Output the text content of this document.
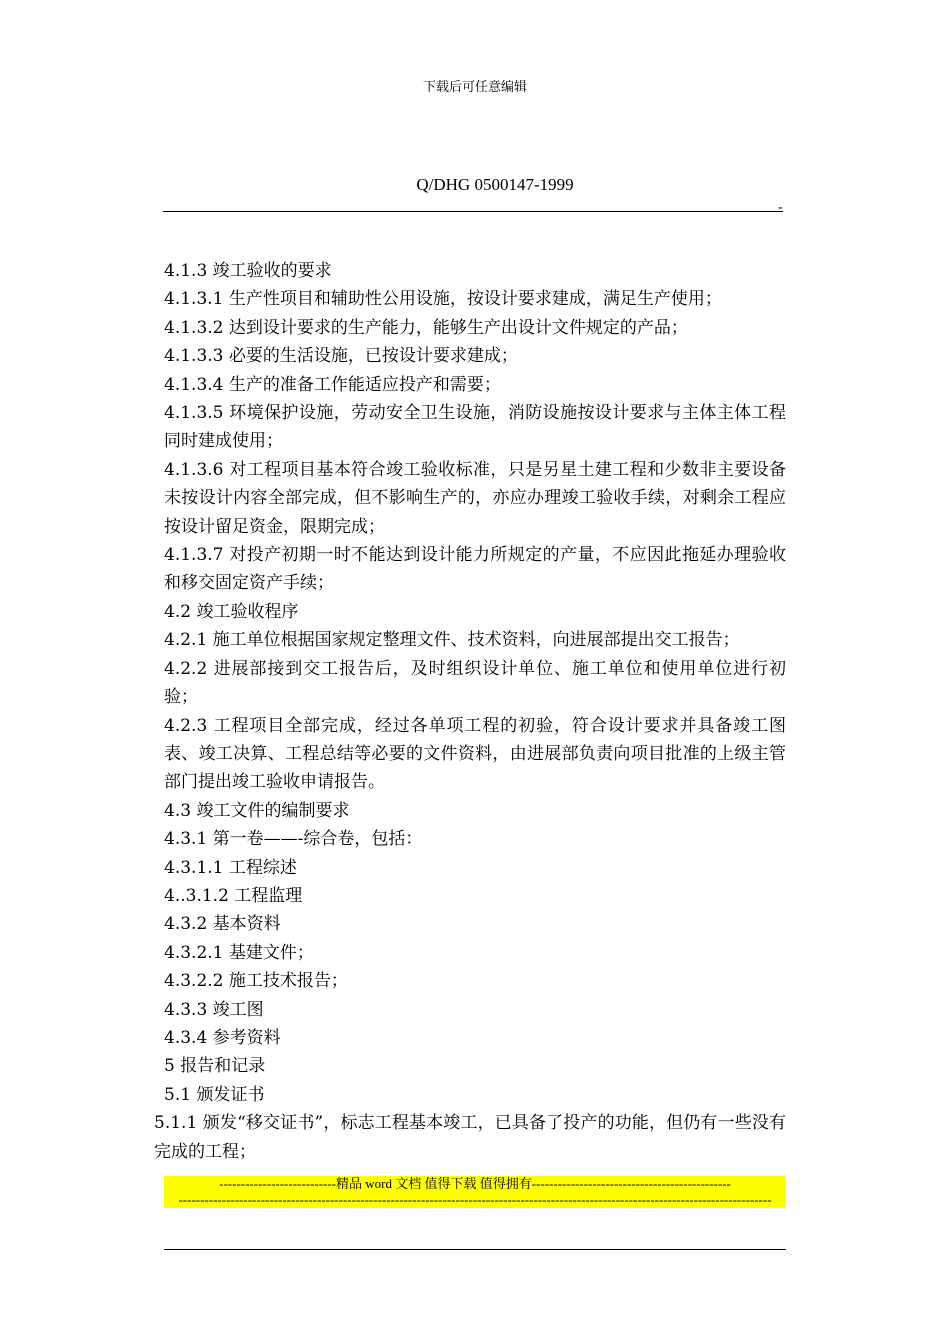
下载后可任意编辑
Q/DHG 0500147-1999
-

4.1.3 竣工验收的要求

4.1.3.1 生产性项目和辅助性公用设施，按设计要求建成，满足生产使用；

4.1.3.2 达到设计要求的生产能力，能够生产出设计文件规定的产品；

4.1.3.3 必要的生活设施，已按设计要求建成；

4.1.3.4 生产的准备工作能适应投产和需要；

4.1.3.5 环境保护设施，劳动安全卫生设施，消防设施按设计要求与主体主体工程同时建成使用；

4.1.3.6 对工程项目基本符合竣工验收标准，只是另星土建工程和少数非主要设备未按设计内容全部完成，但不影响生产的，亦应办理竣工验收手续，对剩余工程应按设计留足资金，限期完成；

4.1.3.7 对投产初期一时不能达到设计能力所规定的产量，不应因此拖延办理验收和移交固定资产手续；

4.2 竣工验收程序

4.2.1 施工单位根据国家规定整理文件、技术资料，向进展部提出交工报告；

4.2.2 进展部接到交工报告后，及时组织设计单位、施工单位和使用单位进行初验；

4.2.3 工程项目全部完成，经过各单项工程的初验，符合设计要求并具备竣工图表、竣工决算、工程总结等必要的文件资料，由进展部负责向项目批准的上级主管部门提出竣工验收申请报告。

4.3 竣工文件的编制要求

4.3.1 第一卷——-综合卷，包括：

4.3.1.1 工程综述

4..3.1.2 工程监理

4.3.2 基本资料

4.3.2.1 基建文件；

4.3.2.2 施工技术报告；

4.3.3 竣工图

4.3.4 参考资料

5 报告和记录

5.1 颁发证书

5.1.1 颁发“移交证书”，标志工程基本竣工，已具备了投产的功能，但仍有一些没有完成的工程；

---------------------------精品 word 文档 值得下载 值得拥有----------------------------------------------
-----------------------------------------------------------------------------------------------------------------------------------------
